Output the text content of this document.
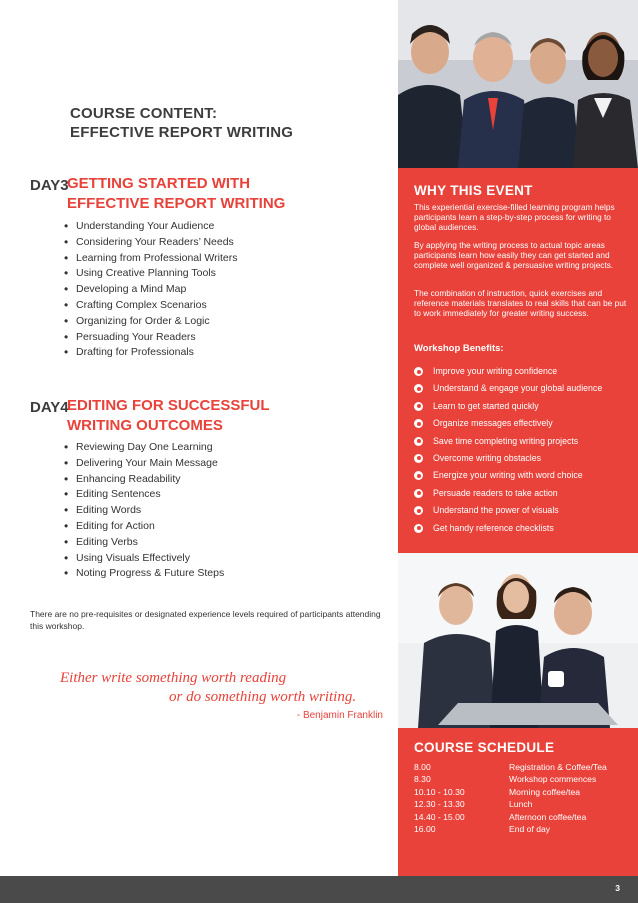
COURSE CONTENT:
EFFECTIVE REPORT WRITING
DAY3
GETTING STARTED WITH
EFFECTIVE REPORT WRITING
• Understanding Your Audience
• Considering Your Readers’ Needs
• Learning from Professional Writers
• Using Creative Planning Tools
• Developing a Mind Map
• Crafting Complex Scenarios
• Organizing for Order & Logic
• Persuading Your Readers
• Drafting for Professionals
DAY4
EDITING FOR SUCCESSFUL
WRITING OUTCOMES
• Reviewing Day One Learning
• Delivering Your Main Message
• Enhancing Readability
• Editing Sentences
• Editing Words
• Editing for Action
• Editing Verbs
• Using Visuals Effectively
• Noting Progress & Future Steps
There are no pre-requisites or designated experience levels required of participants attending this workshop.
Either write something worth reading
or do something worth writing.
- Benjamin Franklin
WHY THIS EVENT
This experiential exercise-filled learning program helps participants learn a step-by-step process for writing to global audiences.
By applying the writing process to actual topic areas participants learn how easily they can get started and complete well organized & persuasive writing projects.
The combination of instruction, quick exercises and reference materials translates to real skills that can be put to work immediately for greater writing success.
Workshop Benefits:
Improve your writing confidence
Understand & engage your global audience
Learn to get started quickly
Organize messages effectively
Save time completing writing projects
Overcome writing obstacles
Energize your writing with word choice
Persuade readers to take action
Understand the power of visuals
Get handy reference checklists
COURSE SCHEDULE
8.00	Registration & Coffee/Tea
8.30	Workshop commences
10.10 - 10.30	Morning coffee/tea
12.30 - 13.30	Lunch
14.40 - 15.00	Afternoon coffee/tea
16.00	End of day
3
